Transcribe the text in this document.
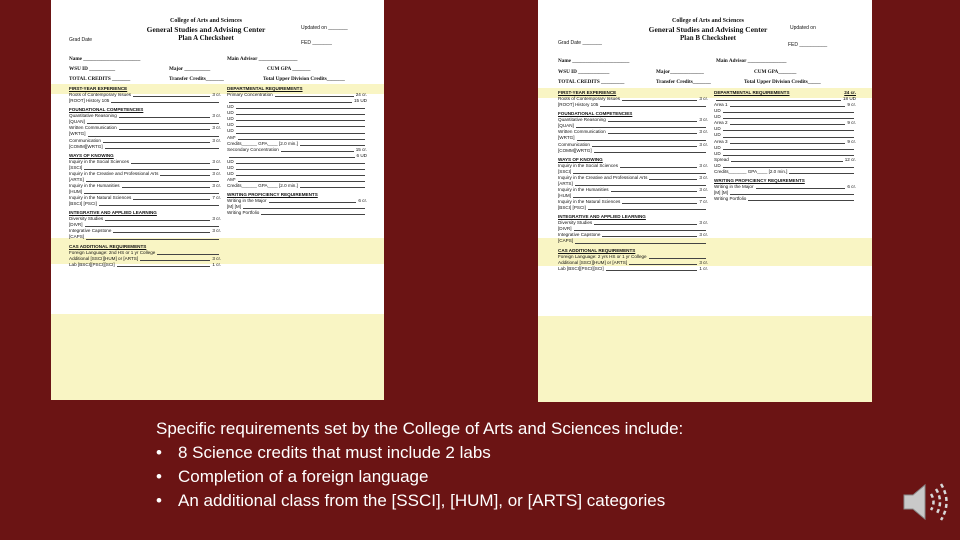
College of Arts and Sciences
General Studies and Advising Center
Plan A Checksheet
Updated on _______
Grad Date	FED _______
Name ______________________	Main Advisor _______________
WSU ID __________	Major __________	CUM GPA _______
TOTAL CREDITS _______	Transfer Credits_______	Total Upper Division Credits_______
FIRST-YEAR EXPERIENCE
Roots of Contemporary Issues	3 cr.
[ROOT] History 105
FOUNDATIONAL COMPETENCIES
Quantitative Reasoning	3 cr.
[QUAN]
Written Communication	3 cr.
[WRTG]
Communication	3 cr.
[COMM][WRTG]
WAYS OF KNOWING
Inquiry in the Social Sciences	3 cr.
[SSCI]
Inquiry in the Creative and Professional Arts	3 cr.
[ARTS]
Inquiry in the Humanities	3 cr.
[HUM]
Inquiry in the Natural Sciences	7 cr.
[BSCI] [PSCI]
INTEGRATIVE AND APPLIED LEARNING
Diversity Studies	3 cr.
[DIVR]
Integrative Capstone	3 cr.
[CAPS]
CAS ADDITIONAL REQUIREMENTS
Foreign Language: 2nd HS or 1 yr College
Additional [SSCI][HUM] or [ARTS]	3 cr.
Lab [BSCI][PSCI][SCI]	1 cr.
DEPARTMENTAL REQUIREMENTS
Primary Concentration	24 cr.
15 UD
UD
UD
UD
UD
UD
AM*
Credits______ GPA____ [2.0 min.]
Secondary Concentration	15 cr.
6 UD
UD
UD
UD
AM*
Credits______ GPA____ [2.0 min.]
WRITING PROFICIENCY REQUIREMENTS
Writing in the Major	6 cr.
[M] [M]
Writing Portfolio
College of Arts and Sciences
General Studies and Advising Center
Plan B Checksheet
Updated on
Grad Date _______	FED __________
Name ______________________	Main Advisor _______________
WSU ID ____________	Major_____________	CUM GPA_______
TOTAL CREDITS _________	Transfer Credits_______	Total Upper Division Credits_____
FIRST-YEAR EXPERIENCE
Roots of Contemporary Issues	3 cr.
[ROOT] History 105
FOUNDATIONAL COMPETENCIES
Quantitative Reasoning	3 cr.
[QUAN]
Written Communication	3 cr.
[WRTG]
Communication	3 cr.
[COMM][WRTG]
WAYS OF KNOWING
Inquiry in the Social Sciences	3 cr.
[SSCI]
Inquiry in the Creative and Professional Arts	3 cr.
[ARTS]
Inquiry in the Humanities	3 cr.
[HUM]
Inquiry in the Natural Sciences	7 cr.
[BSCI] [PSCI]
INTEGRATIVE AND APPLIED LEARNING
Diversity Studies	3 cr.
[DIVR]
Integrative Capstone	3 cr.
[CAPS]
CAS ADDITIONAL REQUIREMENTS
Foreign Language: 2 yrs HS or 1 yr College
Additional [SSCI][HUM] or [ARTS]	3 cr.
Lab [BSCI][PSCI][SCI]	1 cr.
DEPARTMENTAL REQUIREMENTS	24 cr.
18 UD
Area 1	9 cr.
UD
UD
Area 2	9 cr.
UD
UD
Area 3	9 cr.
UD
UD
Spread	12 cr.
UD
Credits_______ GPA____ [2.0 min.]
WRITING PROFICIENCY REQUIREMENTS
Writing in the Major	6 cr.
[M] [M]
Writing Portfolio
Specific requirements set by the College of Arts and Sciences include:
• 8 Science credits that must include 2 labs
• Completion of a foreign language
• An additional class from the [SSCI], [HUM], or [ARTS] categories
